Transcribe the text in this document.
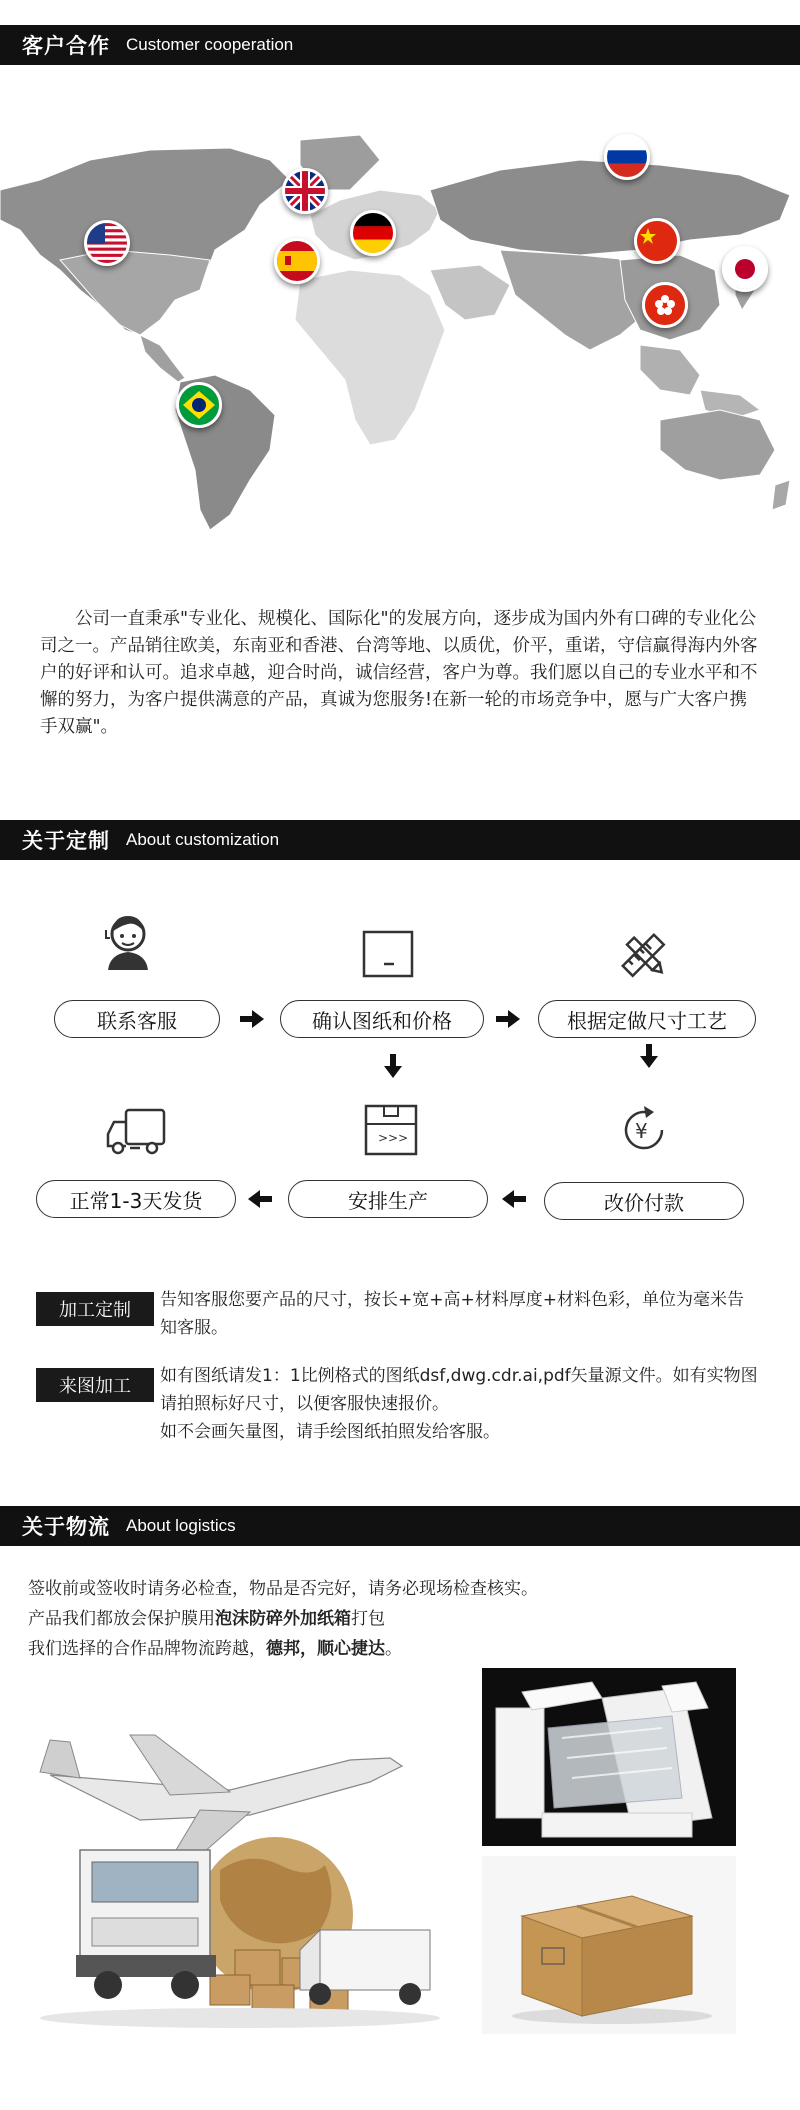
客户合作 Customer cooperation
公司一直秉承"专业化、规模化、国际化"的发展方向，逐步成为国内外有口碑的专业化公司之一。产品销往欧美，东南亚和香港、台湾等地、以质优，价平，重诺，守信赢得海内外客户的好评和认可。追求卓越，迎合时尚，诚信经营，客户为尊。我们愿以自己的专业水平和不懈的努力，为客户提供满意的产品，真诚为您服务!在新一轮的市场竞争中，愿与广大客户携手双赢"。
关于定制 About customization
联系客服	确认图纸和价格	根据定做尺寸工艺
>>>	¥
正常1-3天发货	安排生产	改价付款
加工定制	告知客服您要产品的尺寸，按长+宽+高+材料厚度+材料色彩，单位为毫米告知客服。
来图加工	如有图纸请发1：1比例格式的图纸dsf,dwg.cdr.ai,pdf矢量源文件。如有实物图请拍照标好尺寸，以便客服快速报价。
如不会画矢量图，请手绘图纸拍照发给客服。
关于物流 About logistics
签收前或签收时请务必检查，物品是否完好，请务必现场检查核实。
产品我们都放会保护膜用泡沫防碎外加纸箱打包
我们选择的合作品牌物流跨越，德邦，顺心捷达。
